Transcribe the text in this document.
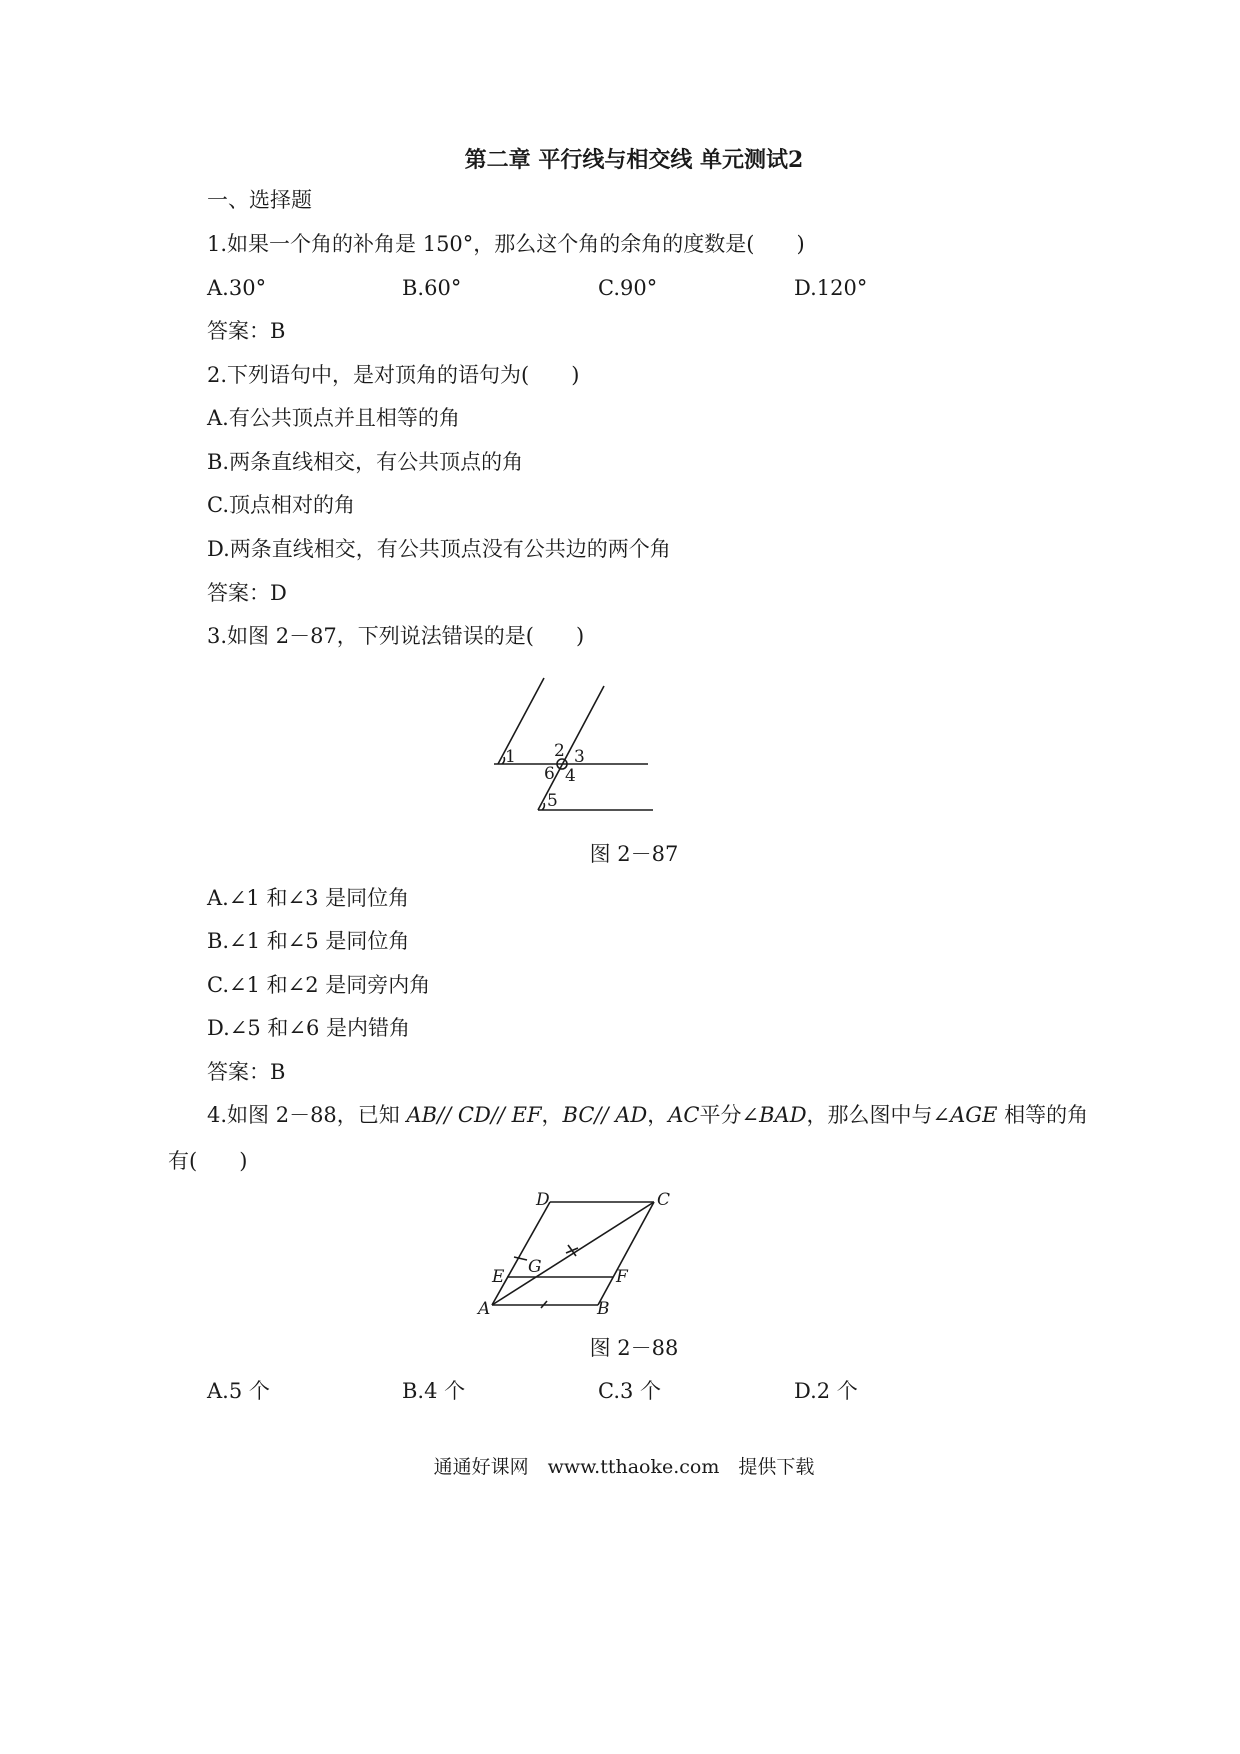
第二章 平行线与相交线 单元测试2

一、选择题

1.如果一个角的补角是 150°，那么这个角的余角的度数是(　　)

A.30°	B.60°	C.90°	D.120°

答案：B

2.下列语句中，是对顶角的语句为(　　)

A.有公共顶点并且相等的角

B.两条直线相交，有公共顶点的角

C.顶点相对的角

D.两条直线相交，有公共顶点没有公共边的两个角

答案：D

3.如图 2－87，下列说法错误的是(　　)

1 2 3
4
5
6

图 2－87

A.∠1 和∠3 是同位角

B.∠1 和∠5 是同位角

C.∠1 和∠2 是同旁内角

D.∠5 和∠6 是内错角

答案：B

4.如图 2－88，已知 AB// CD// EF，BC// AD，AC平分∠BAD，那么图中与∠AGE 相等的角

有(　　)

D	C
E G	F
A	B

图 2－88

A.5 个	B.4 个	C.3 个	D.2 个

通通好课网　www.tthaoke.com　提供下载
